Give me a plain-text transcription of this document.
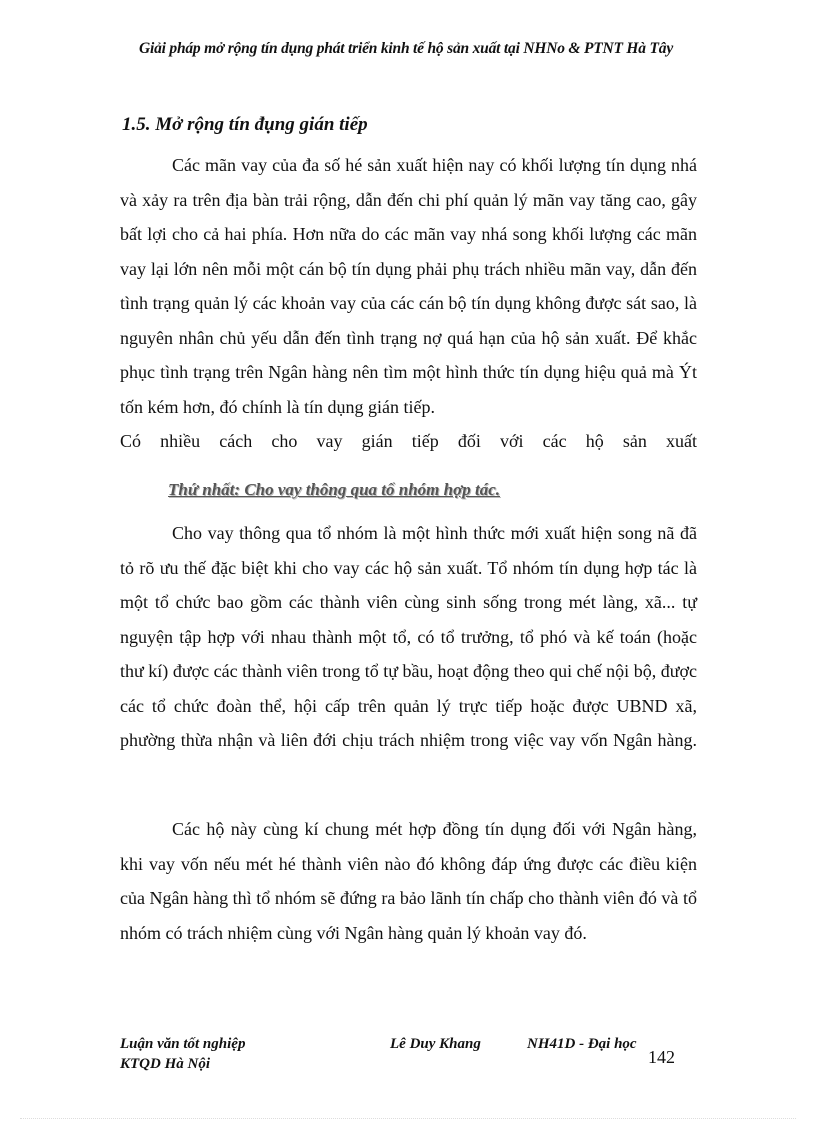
Giải pháp mở rộng tín dụng phát triển kinh tế hộ sản xuất tại NHNo & PTNT Hà Tây
1.5. Mở rộng tín đụng gián tiếp
Các mãn vay của đa số hé sản xuất hiện nay có khối lượng tín dụng nhá và xảy ra trên địa bàn trải rộng, dẫn đến chi phí quản lý mãn vay tăng cao, gây bất lợi cho cả hai phía. Hơn nữa do các mãn vay nhá song khối lượng các mãn vay lại lớn nên mỗi một cán bộ tín dụng phải phụ trách nhiều mãn vay, dẫn đến tình trạng quản lý các khoản vay của các cán bộ tín dụng không được sát sao, là nguyên nhân chủ yếu dẫn đến tình trạng nợ quá hạn của hộ sản xuất. Để khắc phục tình trạng trên Ngân hàng nên tìm một hình thức tín dụng hiệu quả mà Ýt tốn kém hơn, đó chính là tín dụng gián tiếp.
Có nhiều cách cho vay gián tiếp đối với các hộ sản xuất
Thứ nhất: Cho vay thông qua tổ nhóm hợp tác.
Cho vay thông qua tổ nhóm là một hình thức mới xuất hiện song nã đã tỏ rõ ưu thế đặc biệt khi cho vay các hộ sản xuất. Tổ nhóm tín dụng hợp tác là một tổ chức bao gồm các thành viên cùng sinh sống trong mét làng, xã... tự nguyện tập hợp với nhau thành một tổ, có tổ trưởng, tổ phó và kế toán (hoặc thư kí) được các thành viên trong tổ tự bầu, hoạt động theo qui chế nội bộ, được các tổ chức đoàn thể, hội cấp trên quản lý trực tiếp hoặc được UBND xã, phường thừa nhận và liên đới chịu trách nhiệm trong việc vay vốn Ngân hàng.
Các hộ này cùng kí chung mét hợp đồng tín dụng đối với Ngân hàng, khi vay vốn nếu mét hé thành viên nào đó không đáp ứng được các điều kiện của Ngân hàng thì tổ nhóm sẽ đứng ra bảo lãnh tín chấp cho thành viên đó và tổ nhóm có trách nhiệm cùng với Ngân hàng quản lý khoản vay đó.
Luận văn tốt nghiệp
KTQD Hà Nội
Lê Duy Khang	NH41D - Đại học
142
